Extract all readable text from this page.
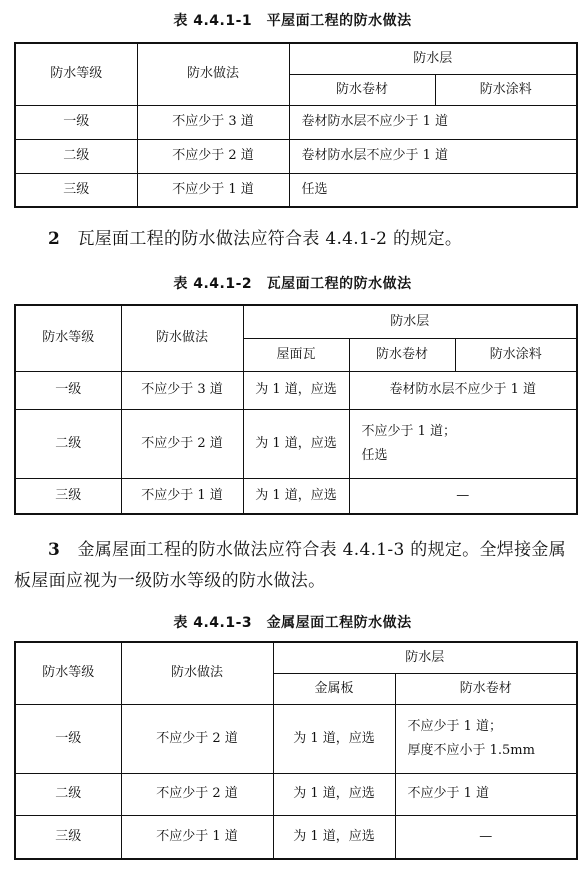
表 4.4.1-1　平屋面工程的防水做法
防水等级	防水做法	防水层	
		防水卷材	防水涂料
一级	不应少于 3 道	卷材防水层不应少于 1 道	
二级	不应少于 2 道	卷材防水层不应少于 1 道	
三级	不应少于 1 道	任选	
2　 瓦屋面工程的防水做法应符合表 4.4.1-2 的规定。
表 4.4.1-2　瓦屋面工程的防水做法
防水等级	防水做法	防水层		
		屋面瓦	防水卷材	防水涂料
一级	不应少于 3 道	为 1 道，应选	卷材防水层不应少于 1 道	

二级	不应少于 2 道	为 1 道，应选	不应少于 1 道；
任选	

三级	不应少于 1 道	为 1 道，应选	—	
3　 金属屋面工程的防水做法应符合表 4.4.1-3 的规定。全焊接金属板屋面应视为一级防水等级的防水做法。
表 4.4.1-3　金属屋面工程防水做法
防水等级	防水做法	防水层	
		金属板	防水卷材
一级	不应少于 2 道	为 1 道，应选	不应少于 1 道；
厚度不应小于 1.5mm

二级	不应少于 2 道	为 1 道，应选	不应少于 1 道

三级	不应少于 1 道	为 1 道，应选	—
